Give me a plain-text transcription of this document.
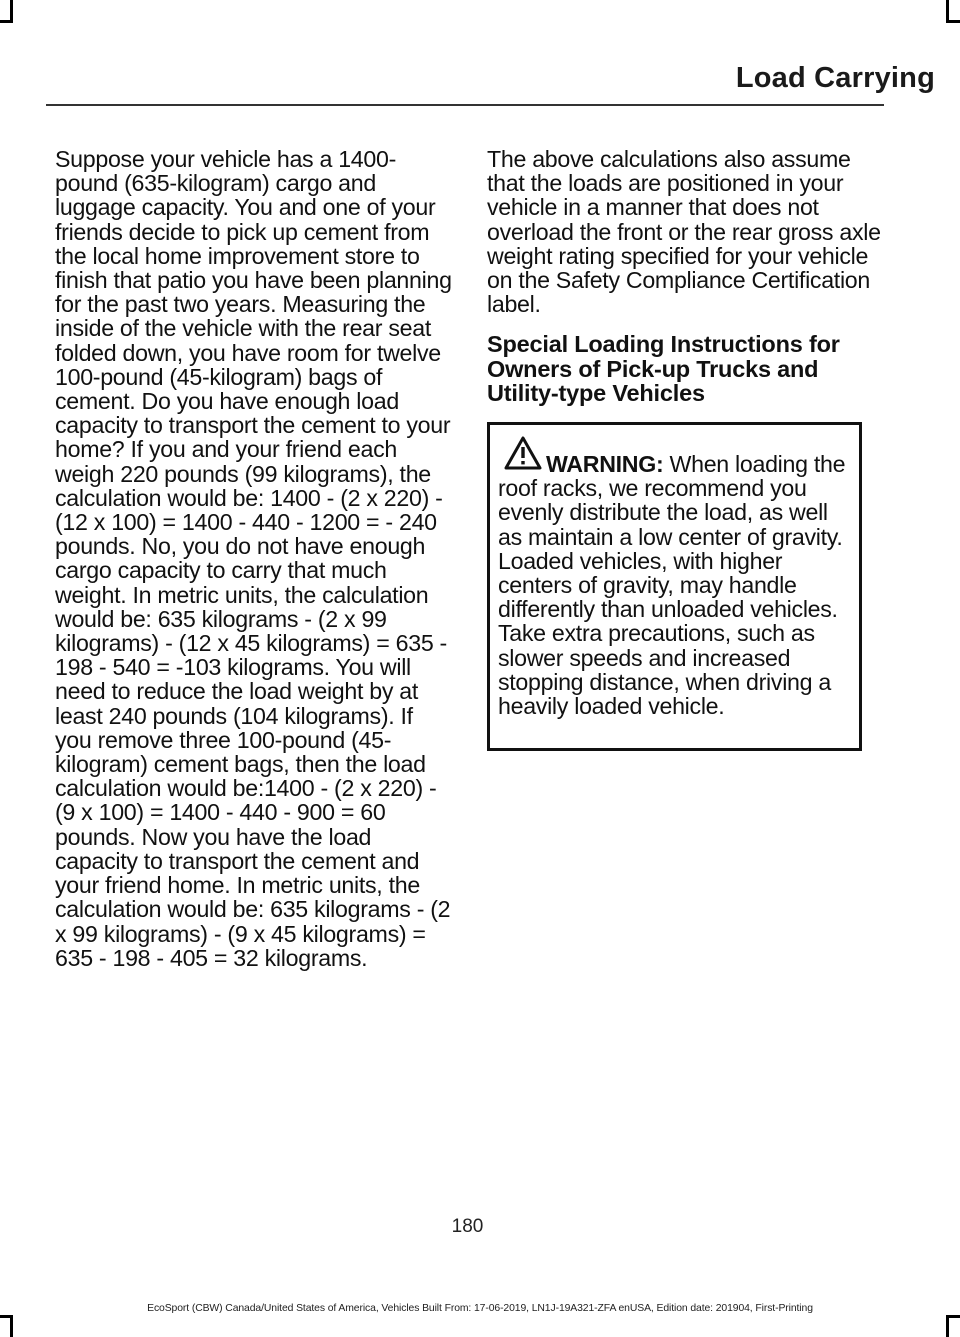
Load Carrying

Suppose your vehicle has a 1400-pound (635-kilogram) cargo and luggage capacity. You and one of your friends decide to pick up cement from the local home improvement store to finish that patio you have been planning for the past two years. Measuring the inside of the vehicle with the rear seat folded down, you have room for twelve 100-pound (45-kilogram) bags of cement. Do you have enough load capacity to transport the cement to your home? If you and your friend each weigh 220 pounds (99 kilograms), the calculation would be: 1400 - (2 x 220) - (12 x 100) = 1400 - 440 - 1200 = - 240 pounds. No, you do not have enough cargo capacity to carry that much weight. In metric units, the calculation would be: 635 kilograms - (2 x 99 kilograms) - (12 x 45 kilograms) = 635 - 198 - 540 = -103 kilograms. You will need to reduce the load weight by at least 240 pounds (104 kilograms). If you remove three 100-pound (45-kilogram) cement bags, then the load calculation would be:1400 - (2 x 220) - (9 x 100) = 1400 - 440 - 900 = 60 pounds. Now you have the load capacity to transport the cement and your friend home. In metric units, the calculation would be: 635 kilograms - (2 x 99 kilograms) - (9 x 45 kilograms) = 635 - 198 - 405 = 32 kilograms.

The above calculations also assume that the loads are positioned in your vehicle in a manner that does not overload the front or the rear gross axle weight rating specified for your vehicle on the Safety Compliance Certification label.

Special Loading Instructions for Owners of Pick-up Trucks and Utility-type Vehicles

WARNING: When loading the roof racks, we recommend you evenly distribute the load, as well as maintain a low center of gravity. Loaded vehicles, with higher centers of gravity, may handle differently than unloaded vehicles. Take extra precautions, such as slower speeds and increased stopping distance, when driving a heavily loaded vehicle.

180
EcoSport (CBW) Canada/United States of America, Vehicles Built From: 17-06-2019, LN1J-19A321-ZFA enUSA, Edition date: 201904, First-Printing
